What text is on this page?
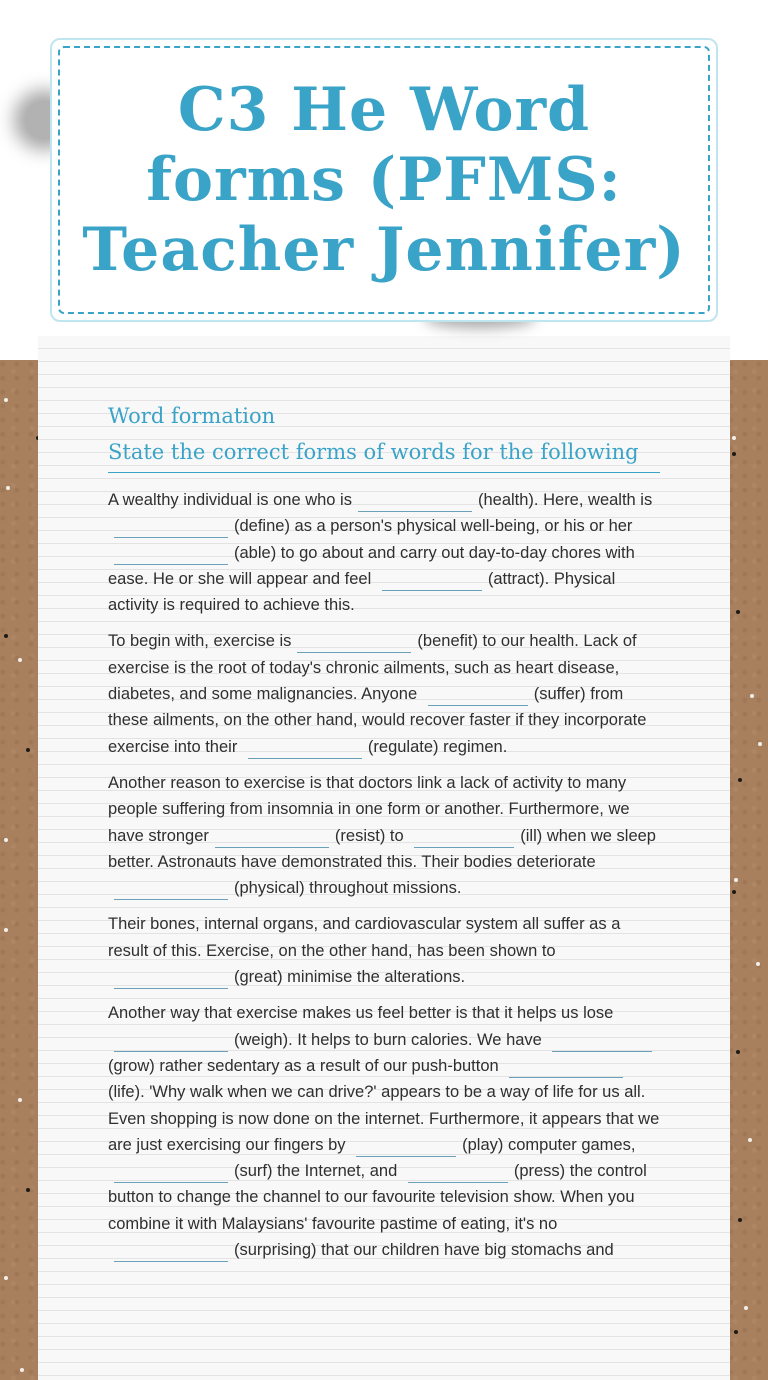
C3 He Word forms (PFMS: Teacher Jennifer)

Word formation

State the correct forms of words for the following

A wealthy individual is one who is	(health). Here, wealth is(define) as a person's physical well-being, or his or her(able) to go about and carry out day-to-day chores with ease. He or she will appear and feel	(attract). Physical activity is required to achieve this.

To begin with, exercise is	(benefit) to our health. Lack of exercise is the root of today's chronic ailments, such as heart disease, diabetes, and some malignancies. Anyone	(suffer) from these ailments, on the other hand, would recover faster if they incorporate exercise into their	(regulate) regimen.

Another reason to exercise is that doctors link a lack of activity to many people suffering from insomnia in one form or another. Furthermore, we have stronger	(resist) to	(ill) when we sleep better. Astronauts have demonstrated this. Their bodies deteriorate (physical) throughout missions.

Their bones, internal organs, and cardiovascular system all suffer as a result of this. Exercise, on the other hand, has been shown to(great) minimise the alterations.

Another way that exercise makes us feel better is that it helps us lose(weigh). It helps to burn calories. We have (grow) rather sedentary as a result of our push-button (life). 'Why walk when we can drive?' appears to be a way of life for us all. Even shopping is now done on the internet. Furthermore, it appears that we are just exercising our fingers by	(play) computer games, (surf) the Internet, and	(press) the control button to change the channel to our favourite television show. When you combine it with Malaysians' favourite pastime of eating, it's no (surprising) that our children have big stomachs and
